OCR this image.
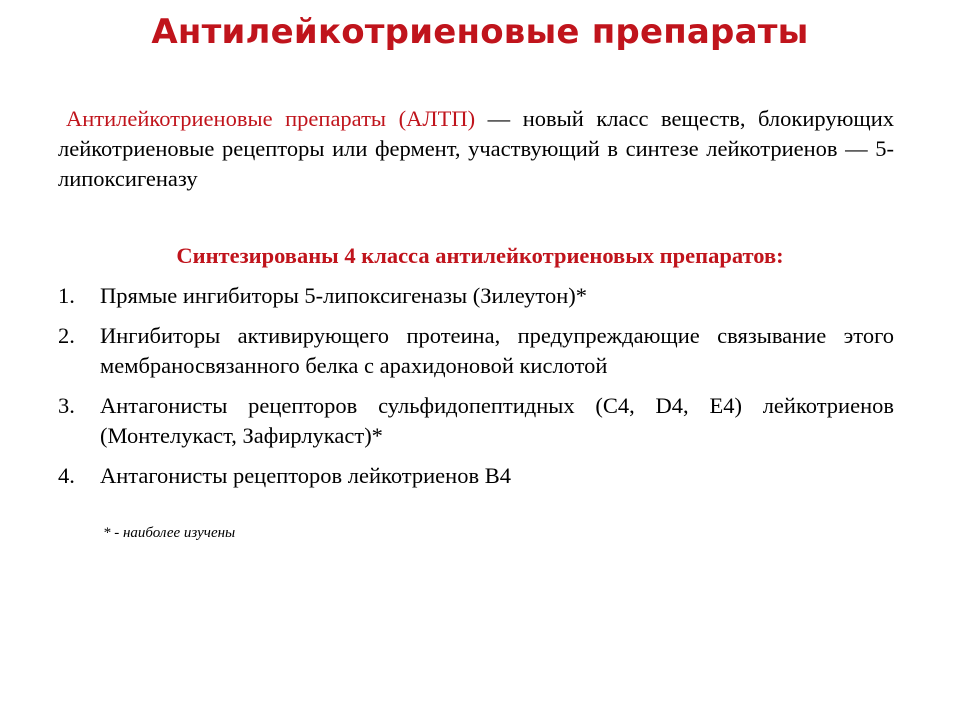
Антилейкотриеновые препараты
Антилейкотриеновые препараты (АЛТП) — новый класс веществ, блокирующих лейкотриеновые рецепторы или фермент, участвующий в синтезе лейкотриенов — 5-липоксигеназу
Синтезированы 4 класса антилейкотриеновых препаратов:
1.	Прямые ингибиторы 5-липоксигеназы (Зилеутон)*
2.	Ингибиторы активирующего протеина, предупреждающие связывание этого мембраносвязанного белка с арахидоновой кислотой
3.	Антагонисты рецепторов сульфидопептидных (С4, D4, E4) лейкотриенов (Монтелукаст, Зафирлукаст)*
4.	Антагонисты рецепторов лейкотриенов В4
* - наиболее изучены
